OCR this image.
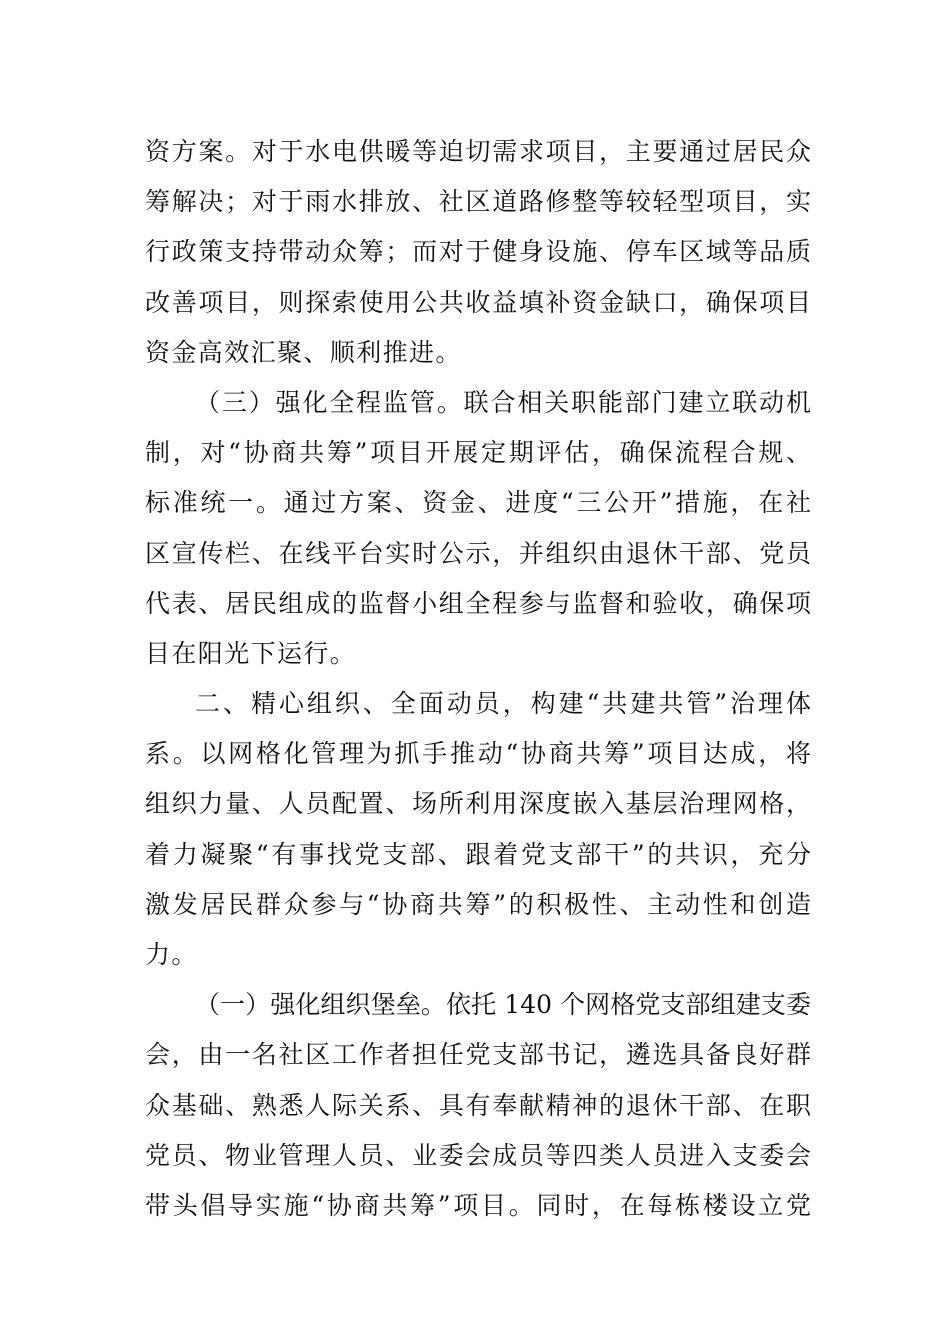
资方案。对于水电供暖等迫切需求项目，主要通过居民众
筹解决；对于雨水排放、社区道路修整等较轻型项目，实
行政策支持带动众筹；而对于健身设施、停车区域等品质
改善项目，则探索使用公共收益填补资金缺口，确保项目
资金高效汇聚、顺利推进。
（三）强化全程监管。联合相关职能部门建立联动机
制，对“协商共筹”项目开展定期评估，确保流程合规、
标准统一。通过方案、资金、进度“三公开”措施，在社
区宣传栏、在线平台实时公示，并组织由退休干部、党员
代表、居民组成的监督小组全程参与监督和验收，确保项
目在阳光下运行。
二、精心组织、全面动员，构建“共建共管”治理体
系。以网格化管理为抓手推动“协商共筹”项目达成，将
组织力量、人员配置、场所利用深度嵌入基层治理网格，
着力凝聚“有事找党支部、跟着党支部干”的共识，充分
激发居民群众参与“协商共筹”的积极性、主动性和创造
力。
（一）强化组织堡垒。依托 140 个网格党支部组建支委
会，由一名社区工作者担任党支部书记，遴选具备良好群
众基础、熟悉人际关系、具有奉献精神的退休干部、在职
党员、物业管理人员、业委会成员等四类人员进入支委会
带头倡导实施“协商共筹”项目。同时，在每栋楼设立党
